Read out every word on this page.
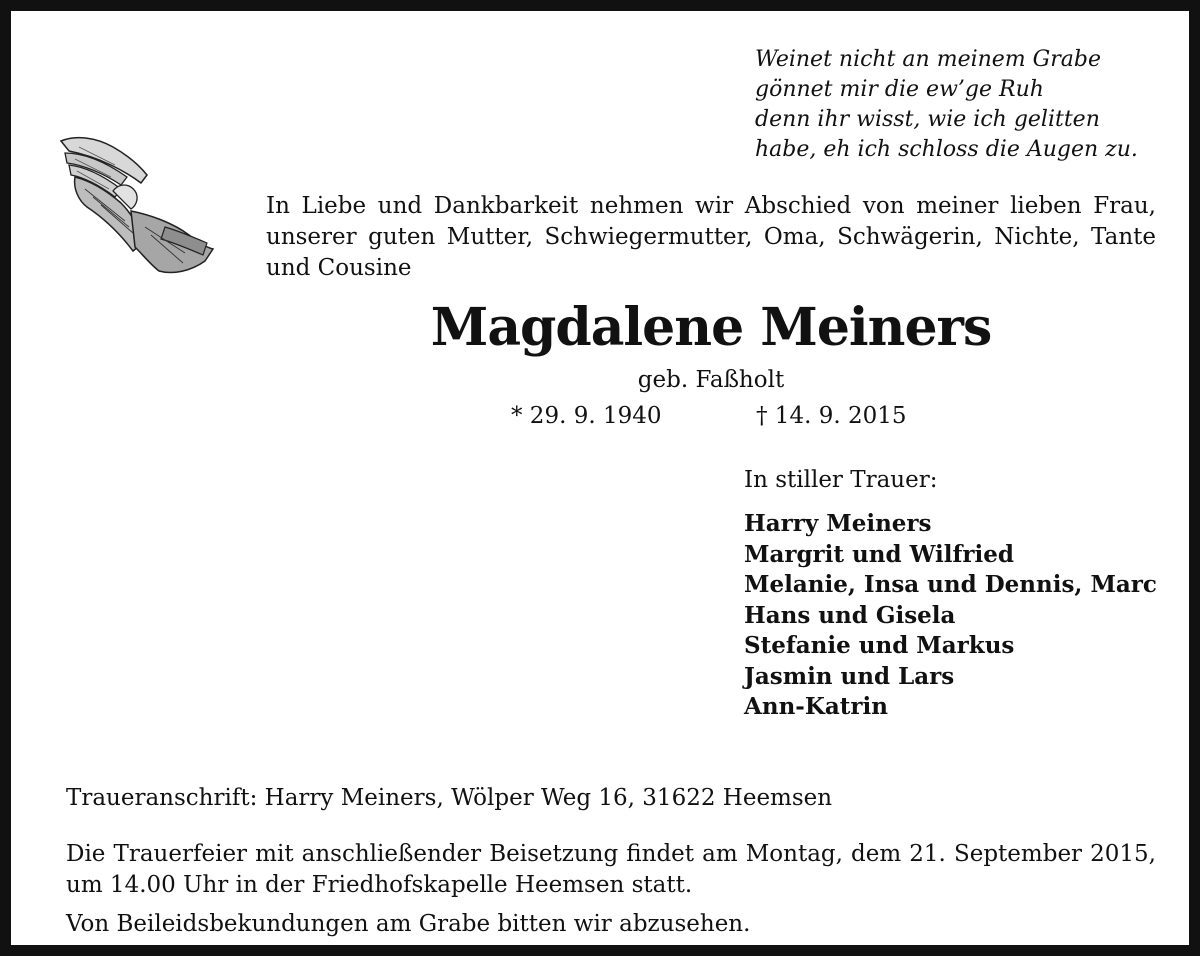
Weinet nicht an meinem Grabe
gönnet mir die ew’ge Ruh
denn ihr wisst, wie ich gelitten
habe, eh ich schloss die Augen zu.
In Liebe und Dankbarkeit nehmen wir Abschied von meiner lieben Frau, unserer guten Mutter, Schwiegermutter, Oma, Schwägerin, Nichte, Tante und Cousine
Magdalene Meiners
geb. Faßholt
* 29. 9. 1940	† 14. 9. 2015
In stiller Trauer:
Harry Meiners
Margrit und Wilfried
Melanie, Insa und Dennis, Marc
Hans und Gisela
Stefanie und Markus
Jasmin und Lars
Ann-Katrin
Traueranschrift: Harry Meiners, Wölper Weg 16, 31622 Heemsen
Die Trauerfeier mit anschließender Beisetzung findet am Montag, dem 21. September 2015, um 14.00 Uhr in der Friedhofskapelle Heemsen statt.
Von Beileidsbekundungen am Grabe bitten wir abzusehen.
